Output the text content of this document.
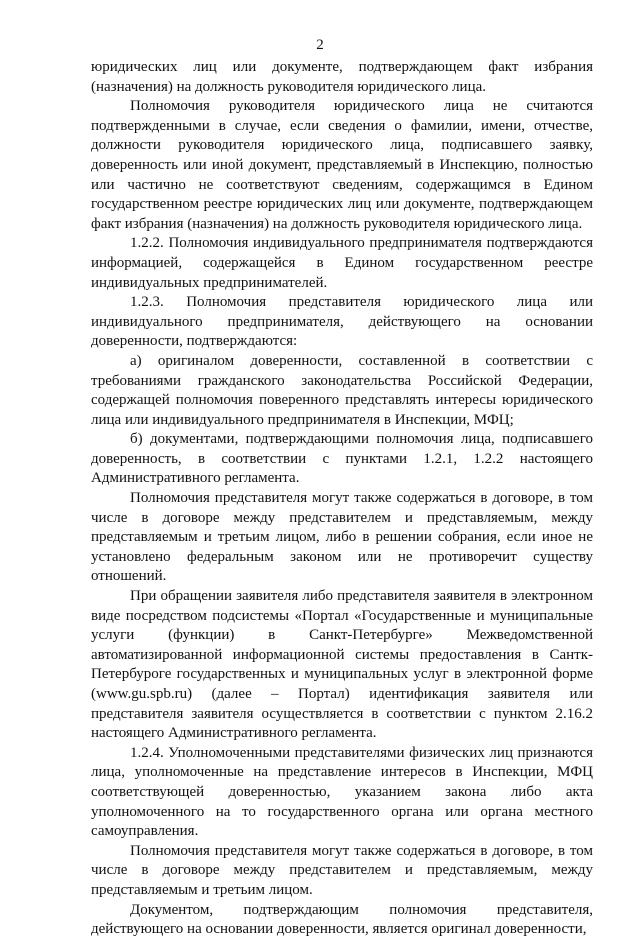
2

юридических лиц или документе, подтверждающем факт избрания (назначения) на должность руководителя юридического лица.

Полномочия руководителя юридического лица не считаются подтвержденными в случае, если сведения о фамилии, имени, отчестве, должности руководителя юридического лица, подписавшего заявку, доверенность или иной документ, представляемый в Инспекцию, полностью или частично не соответствуют сведениям, содержащимся в Едином государственном реестре юридических лиц или документе, подтверждающем факт избрания (назначения) на должность руководителя юридического лица.

1.2.2. Полномочия индивидуального предпринимателя подтверждаются информацией, содержащейся в Едином государственном реестре индивидуальных предпринимателей.

1.2.3. Полномочия представителя юридического лица или индивидуального предпринимателя, действующего на основании доверенности, подтверждаются:

а) оригиналом доверенности, составленной в соответствии с требованиями гражданского законодательства Российской Федерации, содержащей полномочия поверенного представлять интересы юридического лица или индивидуального предпринимателя в Инспекции, МФЦ;

б) документами, подтверждающими полномочия лица, подписавшего доверенность, в соответствии с пунктами 1.2.1, 1.2.2 настоящего Административного регламента.

Полномочия представителя могут также содержаться в договоре, в том числе в договоре между представителем и представляемым, между представляемым и третьим лицом, либо в решении собрания, если иное не установлено федеральным законом или не противоречит существу отношений.

При обращении заявителя либо представителя заявителя в электронном виде посредством подсистемы «Портал «Государственные и муниципальные услуги (функции) в Санкт-Петербурге» Межведомственной автоматизированной информационной системы предоставления в Сантк-Петербуроге государственных и муниципальных услуг в электронной форме (www.gu.spb.ru) (далее – Портал) идентификация заявителя или представителя заявителя осуществляется в соответствии с пунктом 2.16.2 настоящего Административного регламента.

1.2.4. Уполномоченными представителями физических лиц признаются лица, уполномоченные на представление интересов в Инспекции, МФЦ соответствующей доверенностью, указанием закона либо акта уполномоченного на то государственного органа или органа местного самоуправления.

Полномочия представителя могут также содержаться в договоре, в том числе в договоре между представителем и представляемым, между представляемым и третьим лицом.

Документом, подтверждающим полномочия представителя, действующего на основании доверенности, является оригинал доверенности,
